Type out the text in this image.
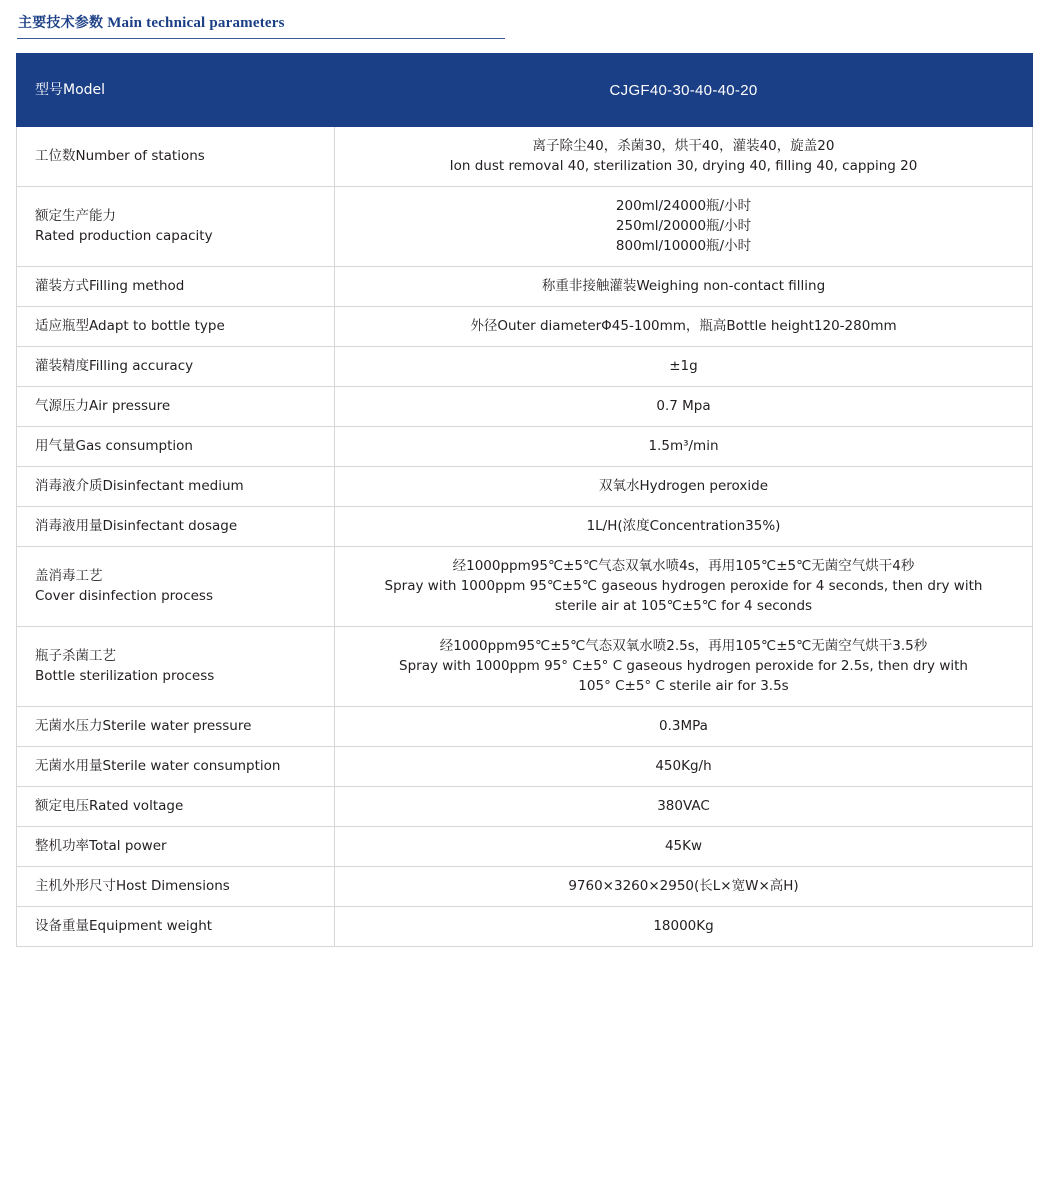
主要技术参数 Main technical parameters
型号Model	CJGF40-30-40-40-20

工位数Number of stations	离子除尘40，杀菌30，烘干40，灌装40，旋盖20
Ion dust removal 40, sterilization 30, drying 40, filling 40, capping 20

额定生产能力
Rated production capacity	200ml/24000瓶/小时
250ml/20000瓶/小时
800ml/10000瓶/小时

灌装方式Filling method	称重非接触灌装Weighing non-contact filling

适应瓶型Adapt to bottle type	外径Outer diameterΦ45-100mm，瓶高Bottle height120-280mm

灌装精度Filling accuracy	±1g

气源压力Air pressure	0.7 Mpa

用气量Gas consumption	1.5m³/min

消毒液介质Disinfectant medium	双氧水Hydrogen peroxide

消毒液用量Disinfectant dosage	1L/H(浓度Concentration35%)

盖消毒工艺
Cover disinfection process	经1000ppm95℃±5℃气态双氧水喷4s，再用105℃±5℃无菌空气烘干4秒
Spray with 1000ppm 95℃±5℃ gaseous hydrogen peroxide for 4 seconds, then dry with
sterile air at 105℃±5℃ for 4 seconds

瓶子杀菌工艺
Bottle sterilization process	经1000ppm95℃±5℃气态双氧水喷2.5s，再用105℃±5℃无菌空气烘干3.5秒
Spray with 1000ppm 95° C±5° C gaseous hydrogen peroxide for 2.5s, then dry with
105° C±5° C sterile air for 3.5s

无菌水压力Sterile water pressure	0.3MPa

无菌水用量Sterile water consumption	450Kg/h

额定电压Rated voltage	380VAC

整机功率Total power	45Kw

主机外形尺寸Host Dimensions	9760×3260×2950(长L×宽W×高H)

设备重量Equipment weight	18000Kg
